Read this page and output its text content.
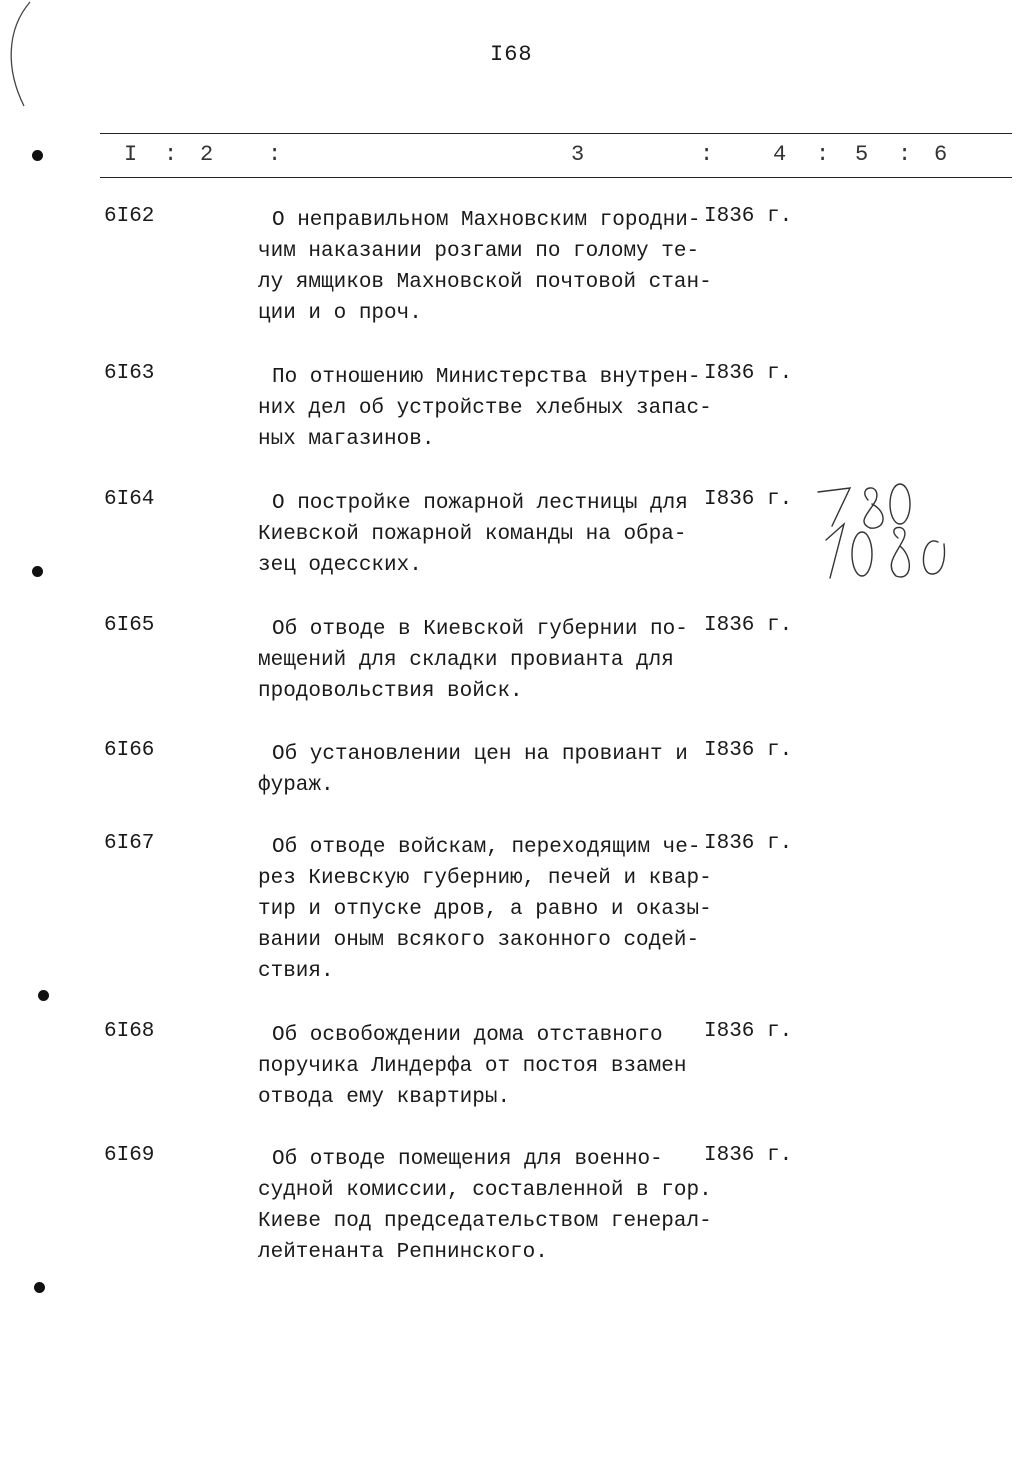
I68
I : 2 :	3	:	4 : 5 : 6
6I62	О неправильном Махновским городни-
чим наказании розгами по голому те-
лу ямщиков Махновской почтовой стан-
ции и о проч.
I836 г.
6I63	По отношению Министерства внутрен-
них дел об устройстве хлебных запас-
ных магазинов.
I836 г.
6I64	О постройке пожарной лестницы для
Киевской пожарной команды на обра-
зец одесских.
I836 г.
6I65	Об отводе в Киевской губернии по-
мещений для складки провианта для
продовольствия войск.
I836 г.
6I66	Об установлении цен на провиант и
фураж.
I836 г.
6I67	Об отводе войскам, переходящим че-
рез Киевскую губернию, печей и квар-
тир и отпуске дров, а равно и оказы-
вании оным всякого законного содей-
ствия.
I836 г.
6I68	Об освобождении дома отставного
поручика Линдерфа от постоя взамен
отвода ему квартиры.
I836 г.
6I69	Об отводе помещения для военно-
судной комиссии, составленной в гор.
Киеве под председательством генерал-
лейтенанта Репнинского.
I836 г.
